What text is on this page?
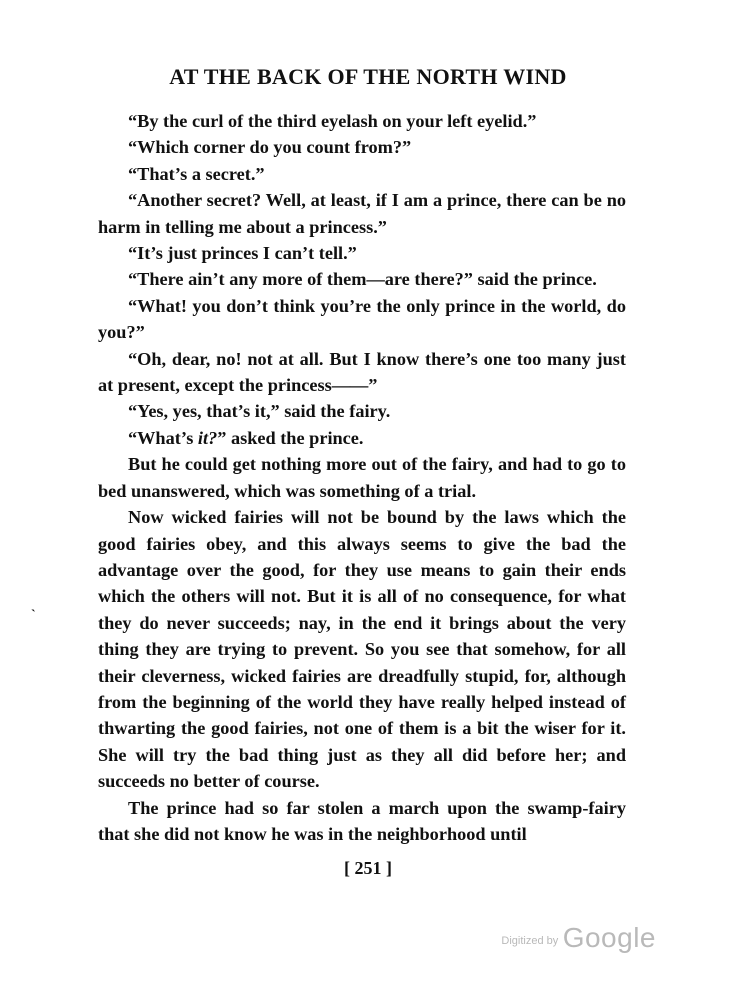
AT THE BACK OF THE NORTH WIND

“By the curl of the third eyelash on your left eyelid.”

“Which corner do you count from?”

“That’s a secret.”

“Another secret? Well, at least, if I am a prince, there can be no harm in telling me about a princess.”

“It’s just princes I can’t tell.”

“There ain’t any more of them—are there?” said the prince.

“What! you don’t think you’re the only prince in the world, do you?”

“Oh, dear, no! not at all. But I know there’s one too many just at present, except the princess——”

“Yes, yes, that’s it,” said the fairy.

“What’s it?” asked the prince.

But he could get nothing more out of the fairy, and had to go to bed unanswered, which was something of a trial.

Now wicked fairies will not be bound by the laws which the good fairies obey, and this always seems to give the bad the advantage over the good, for they use means to gain their ends which the others will not. But it is all of no consequence, for what they do never succeeds; nay, in the end it brings about the very thing they are trying to prevent. So you see that somehow, for all their cleverness, wicked fairies are dreadfully stupid, for, although from the beginning of the world they have really helped instead of thwarting the good fairies, not one of them is a bit the wiser for it. She will try the bad thing just as they all did before her; and succeeds no better of course.

The prince had so far stolen a march upon the swamp-fairy that she did not know he was in the neighborhood until

`
[ 251 ]
Digitized by Google
